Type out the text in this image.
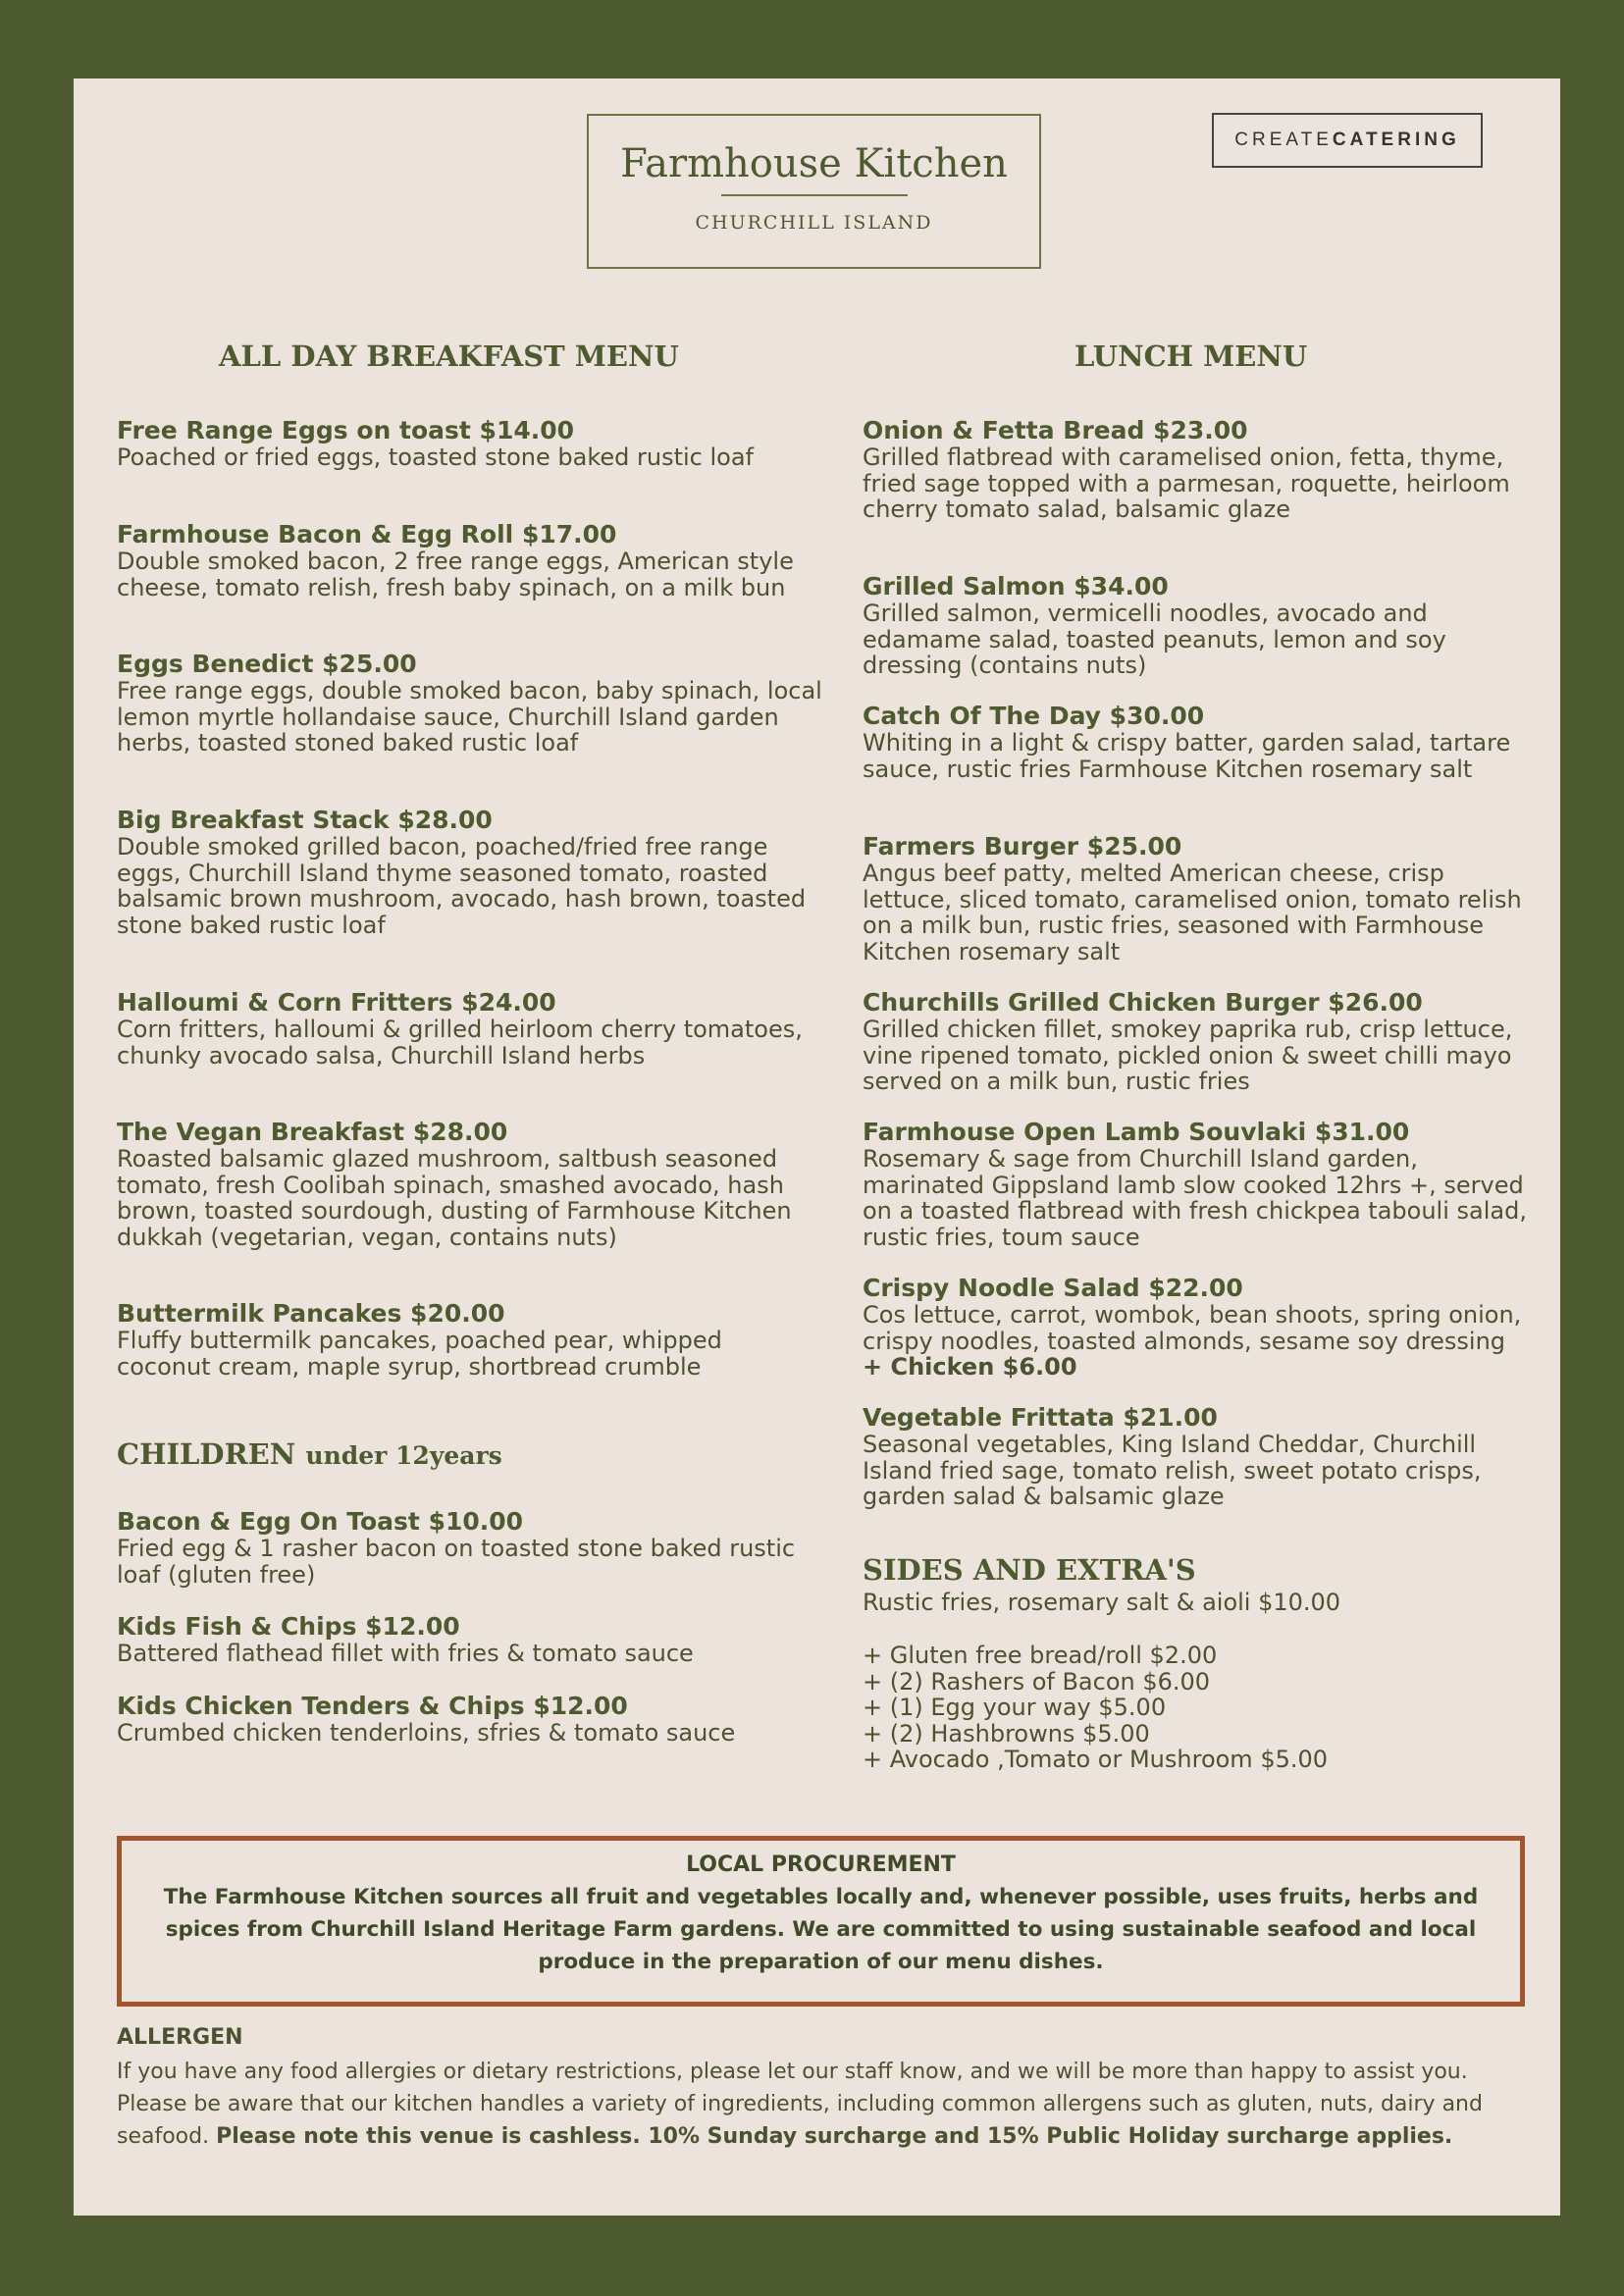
Farmhouse Kitchen
CHURCHILL ISLAND
CREATECATERING
ALL DAY BREAKFAST MENU
Free Range Eggs on toast $14.00
Poached or fried eggs, toasted stone baked rustic loaf
Farmhouse Bacon & Egg Roll $17.00
Double smoked bacon, 2 free range eggs, American style cheese, tomato relish, fresh baby spinach, on a milk bun
Eggs Benedict $25.00
Free range eggs, double smoked bacon, baby spinach, local lemon myrtle hollandaise sauce, Churchill Island garden herbs, toasted stoned baked rustic loaf
Big Breakfast Stack $28.00
Double smoked grilled bacon, poached/fried free range eggs, Churchill Island thyme seasoned tomato, roasted balsamic brown mushroom, avocado, hash brown, toasted stone baked rustic loaf
Halloumi & Corn Fritters $24.00
Corn fritters, halloumi & grilled heirloom cherry tomatoes, chunky avocado salsa, Churchill Island herbs
The Vegan Breakfast $28.00
Roasted balsamic glazed mushroom, saltbush seasoned tomato, fresh Coolibah spinach, smashed avocado, hash brown, toasted sourdough, dusting of Farmhouse Kitchen dukkah (vegetarian, vegan, contains nuts)
Buttermilk Pancakes $20.00
Fluffy buttermilk pancakes, poached pear, whipped coconut cream, maple syrup, shortbread crumble
CHILDREN under 12years
Bacon & Egg On Toast $10.00
Fried egg & 1 rasher bacon on toasted stone baked rustic loaf (gluten free)
Kids Fish & Chips $12.00
Battered flathead fillet with fries & tomato sauce
Kids Chicken Tenders & Chips $12.00
Crumbed chicken tenderloins, sfries & tomato sauce
LUNCH MENU
Onion & Fetta Bread $23.00
Grilled flatbread with caramelised onion, fetta, thyme, fried sage topped with a parmesan, roquette, heirloom cherry tomato salad, balsamic glaze
Grilled Salmon $34.00
Grilled salmon, vermicelli noodles, avocado and edamame salad, toasted peanuts, lemon and soy dressing (contains nuts)
Catch Of The Day $30.00
Whiting in a light & crispy batter, garden salad, tartare sauce, rustic fries Farmhouse Kitchen rosemary salt
Farmers Burger $25.00
Angus beef patty, melted American cheese, crisp lettuce, sliced tomato, caramelised onion, tomato relish on a milk bun, rustic fries, seasoned with Farmhouse Kitchen rosemary salt
Churchills Grilled Chicken Burger $26.00
Grilled chicken fillet, smokey paprika rub, crisp lettuce, vine ripened tomato, pickled onion & sweet chilli mayo served on a milk bun, rustic fries
Farmhouse Open Lamb Souvlaki $31.00
Rosemary & sage from Churchill Island garden, marinated Gippsland lamb slow cooked 12hrs +, served on a toasted flatbread with fresh chickpea tabouli salad, rustic fries, toum sauce
Crispy Noodle Salad $22.00
Cos lettuce, carrot, wombok, bean shoots, spring onion, crispy noodles, toasted almonds, sesame soy dressing + Chicken $6.00
Vegetable Frittata $21.00
Seasonal vegetables, King Island Cheddar, Churchill Island fried sage, tomato relish, sweet potato crisps, garden salad & balsamic glaze
SIDES AND EXTRA'S
Rustic fries, rosemary salt & aioli $10.00
+ Gluten free bread/roll $2.00
+ (2) Rashers of Bacon $6.00
+ (1) Egg your way $5.00
+ (2) Hashbrowns $5.00
+ Avocado ,Tomato or Mushroom $5.00
LOCAL PROCUREMENT
The Farmhouse Kitchen sources all fruit and vegetables locally and, whenever possible, uses fruits, herbs and spices from Churchill Island Heritage Farm gardens. We are committed to using sustainable seafood and local produce in the preparation of our menu dishes.
ALLERGEN
If you have any food allergies or dietary restrictions, please let our staff know, and we will be more than happy to assist you. Please be aware that our kitchen handles a variety of ingredients, including common allergens such as gluten, nuts, dairy and seafood. Please note this venue is cashless. 10% Sunday surcharge and 15% Public Holiday surcharge applies.
